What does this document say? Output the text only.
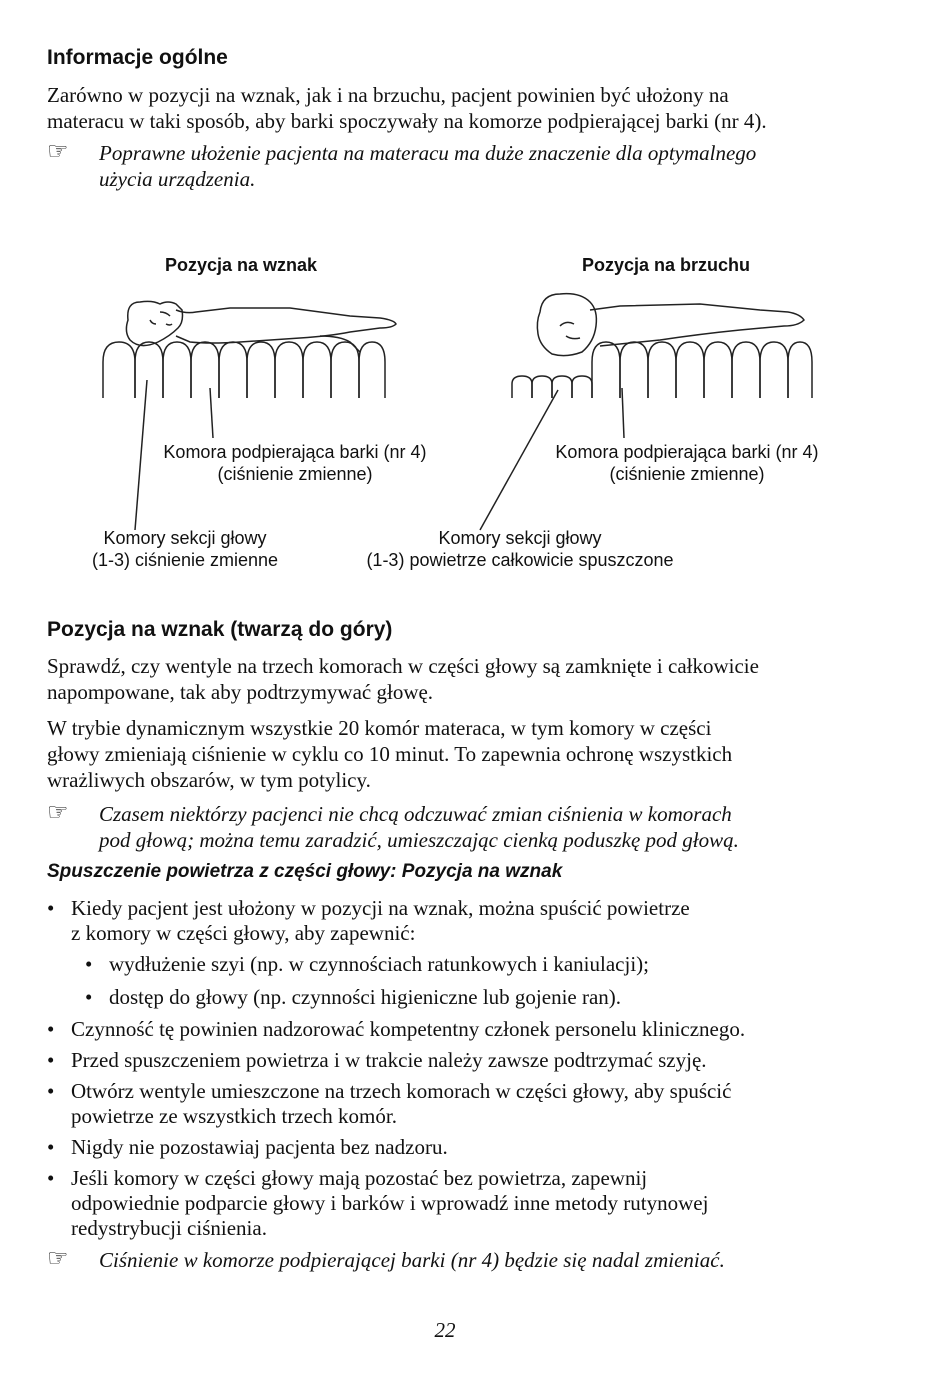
Informacje ogólne
Zarówno w pozycji na wznak, jak i na brzuchu, pacjent powinien być ułożony na
materacu w taki sposób, aby barki spoczywały na komorze podpierającej barki (nr 4).
☞	Poprawne ułożenie pacjenta na materacu ma duże znaczenie dla optymalnego
użycia urządzenia.
Pozycja na wznak	Pozycja na brzuchu
Komora podpierająca barki (nr 4)
(ciśnienie zmienne)
Komora podpierająca barki (nr 4)
(ciśnienie zmienne)
Komory sekcji głowy
(1-3) ciśnienie zmienne
Komory sekcji głowy
(1-3) powietrze całkowicie spuszczone
Pozycja na wznak (twarzą do góry)
Sprawdź, czy wentyle na trzech komorach w części głowy są zamknięte i całkowicie
napompowane, tak aby podtrzymywać głowę.
W trybie dynamicznym wszystkie 20 komór materaca, w tym komory w części
głowy zmieniają ciśnienie w cyklu co 10 minut. To zapewnia ochronę wszystkich
wrażliwych obszarów, w tym potylicy.
☞	Czasem niektórzy pacjenci nie chcą odczuwać zmian ciśnienia w komorach
pod głową; można temu zaradzić, umieszczając cienką poduszkę pod głową.
Spuszczenie powietrza z części głowy: Pozycja na wznak
• Kiedy pacjent jest ułożony w pozycji na wznak, można spuścić powietrze
z komory w części głowy, aby zapewnić:
• wydłużenie szyi (np. w czynnościach ratunkowych i kaniulacji);
• dostęp do głowy (np. czynności higieniczne lub gojenie ran).
• Czynność tę powinien nadzorować kompetentny członek personelu klinicznego.
• Przed spuszczeniem powietrza i w trakcie należy zawsze podtrzymać szyję.
• Otwórz wentyle umieszczone na trzech komorach w części głowy, aby spuścić
powietrze ze wszystkich trzech komór.
• Nigdy nie pozostawiaj pacjenta bez nadzoru.
• Jeśli komory w części głowy mają pozostać bez powietrza, zapewnij
odpowiednie podparcie głowy i barków i wprowadź inne metody rutynowej
redystrybucji ciśnienia.
☞	Ciśnienie w komorze podpierającej barki (nr 4) będzie się nadal zmieniać.
22
